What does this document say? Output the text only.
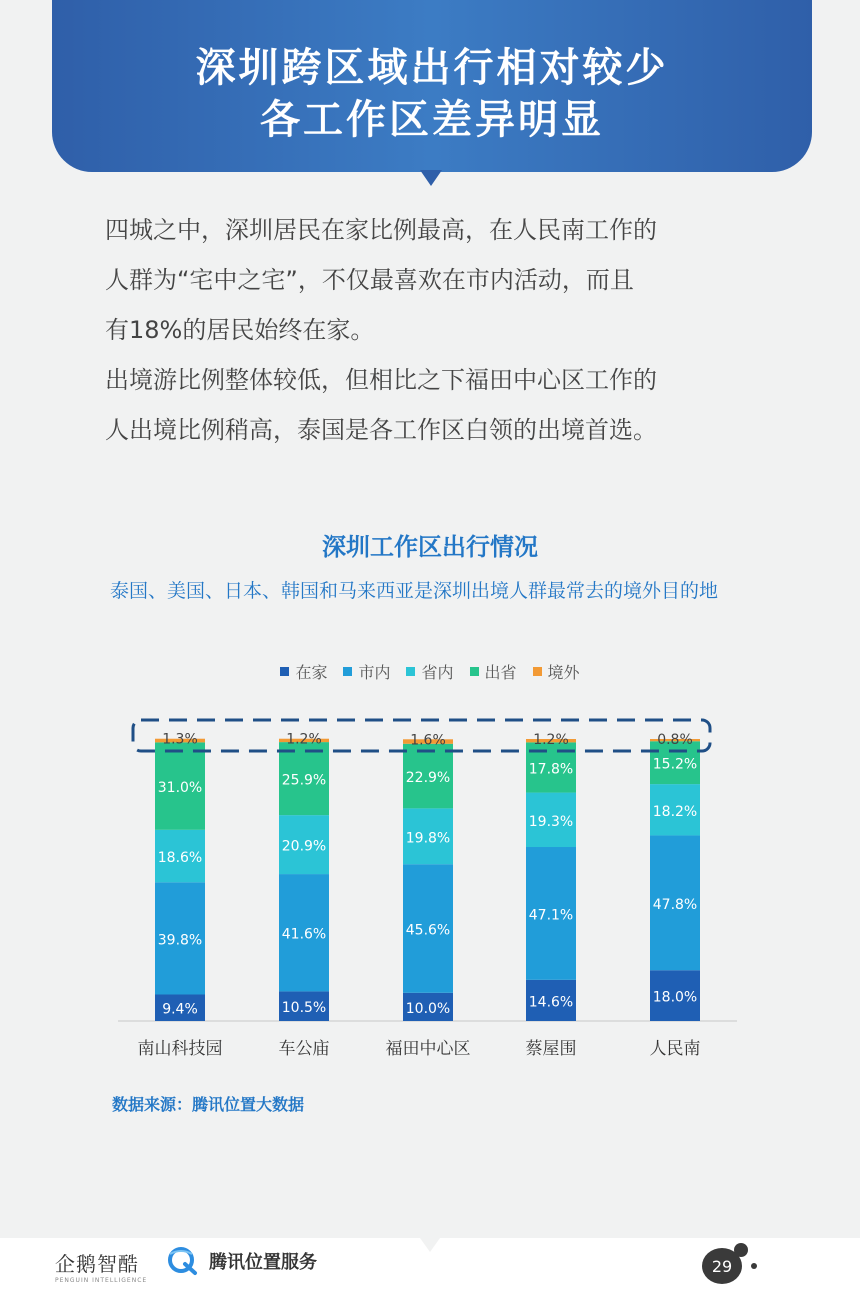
深圳跨区域出行相对较少
各工作区差异明显
四城之中，深圳居民在家比例最高，在人民南工作的
人群为“宅中之宅”，不仅最喜欢在市内活动，而且
有18%的居民始终在家。
出境游比例整体较低，但相比之下福田中心区工作的
人出境比例稍高，泰国是各工作区白领的出境首选。
深圳工作区出行情况
泰国、美国、日本、韩国和马来西亚是深圳出境人群最常去的境外目的地
在家 市内 省内 出省 境外
9.4%
39.8%
18.6%
31.0%
1.3%
南山科技园
10.5%
41.6%
20.9%
25.9%
1.2%
车公庙
10.0%
45.6%
19.8%
22.9%
1.6%
福田中心区
14.6%
47.1%
19.3%
17.8%
1.2%
蔡屋围
18.0%
47.8%
18.2%
15.2%
0.8%
人民南
数据来源：腾讯位置大数据
企鹅智酷
PENGUIN INTELLIGENCE
腾讯位置服务	29
